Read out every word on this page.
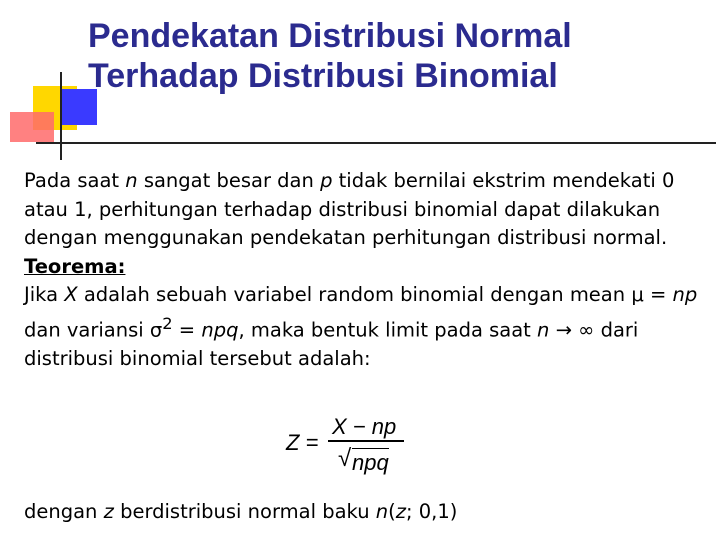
Pendekatan Distribusi Normal
Terhadap Distribusi Binomial

Pada saat n sangat besar dan p tidak bernilai ekstrim mendekati 0 atau 1, perhitungan terhadap distribusi binomial dapat dilakukan dengan menggunakan pendekatan perhitungan distribusi normal.

Teorema:

Jika X adalah sebuah variabel random binomial dengan mean μ = np dan variansi $\sigma^2$ = npq, maka bentuk limit pada saat n → ∞ dari distribusi binomial tersebut adalah:

Z =
X − np
√ npq
dengan z berdistribusi normal baku n(z; 0,1)
